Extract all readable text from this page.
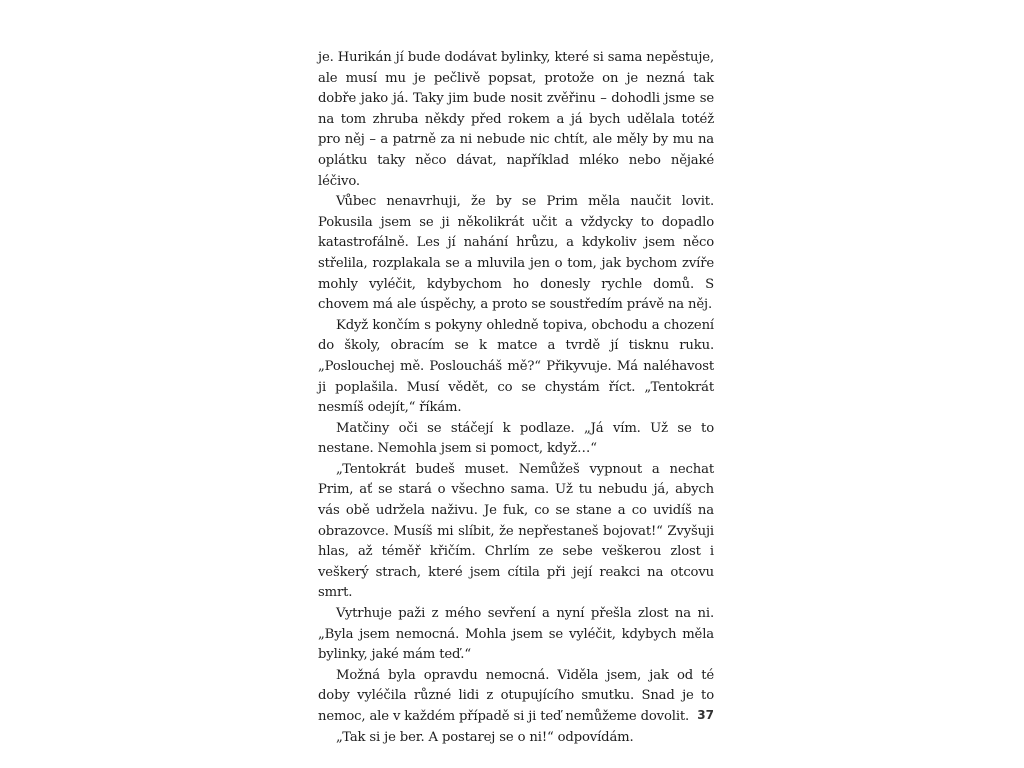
je. Hurikán jí bude dodávat bylinky, které si sama nepěstuje, ale musí mu je pečlivě popsat, protože on je nezná tak dobře jako já. Taky jim bude nosit zvěřinu – dohodli jsme se na tom zhruba někdy před rokem a já bych udělala totéž pro něj – a patrně za ni nebude nic chtít, ale měly by mu na oplátku taky něco dávat, například mléko nebo nějaké léčivo.

Vůbec nenavrhuji, že by se Prim měla naučit lovit. Pokusila jsem se ji několikrát učit a vždycky to dopadlo katastrofálně. Les jí nahání hrůzu, a kdykoliv jsem něco střelila, rozplakala se a mluvila jen o tom, jak bychom zvíře mohly vyléčit, kdybychom ho donesly rychle domů. S chovem má ale úspěchy, a proto se soustředím právě na něj.

Když končím s pokyny ohledně topiva, obchodu a chození do školy, obracím se k matce a tvrdě jí tisknu ruku. „Poslouchej mě. Posloucháš mě?“ Přikyvuje. Má naléhavost ji poplašila. Musí vědět, co se chystám říct. „Tentokrát nesmíš odejít,“ říkám.

Matčiny oči se stáčejí k podlaze. „Já vím. Už se to nestane. Nemohla jsem si pomoct, když…“

„Tentokrát budeš muset. Nemůžeš vypnout a nechat Prim, ať se stará o všechno sama. Už tu nebudu já, abych vás obě udržela naživu. Je fuk, co se stane a co uvidíš na obrazovce. Musíš mi slíbit, že nepřestaneš bojovat!“ Zvyšuji hlas, až téměř křičím. Chrlím ze sebe veškerou zlost i veškerý strach, které jsem cítila při její reakci na otcovu smrt.

Vytrhuje paži z mého sevření a nyní přešla zlost na ni. „Byla jsem nemocná. Mohla jsem se vyléčit, kdybych měla bylinky, jaké mám teď.“

Možná byla opravdu nemocná. Viděla jsem, jak od té doby vyléčila různé lidi z otupujícího smutku. Snad je to nemoc, ale v každém případě si ji teď nemůžeme dovolit.

„Tak si je ber. A postarej se o ni!“ odpovídám.

37
